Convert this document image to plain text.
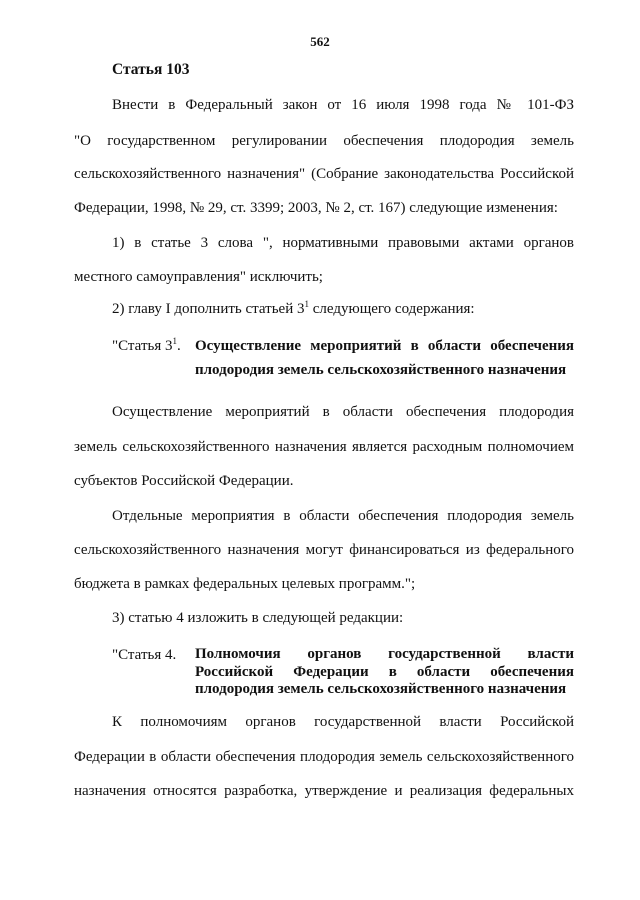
562
Статья 103
Внести в Федеральный закон от 16 июля 1998 года № 101-ФЗ
"О государственном регулировании обеспечения плодородия земель
сельскохозяйственного назначения" (Собрание законодательства Российской
Федерации, 1998, № 29, ст. 3399; 2003, № 2, ст. 167) следующие изменения:
1) в статье 3 слова ", нормативными правовыми актами органов
местного самоуправления" исключить;
2) главу I дополнить статьей $3^1$ следующего содержания:
"Статья $3^1$. Осуществление мероприятий в области обеспечения
плодородия земель сельскохозяйственного назначения
Осуществление мероприятий в области обеспечения плодородия
земель сельскохозяйственного назначения является расходным полномочием
субъектов Российской Федерации.
Отдельные мероприятия в области обеспечения плодородия земель
сельскохозяйственного назначения могут финансироваться из федерального
бюджета в рамках федеральных целевых программ.";
3) статью 4 изложить в следующей редакции:
"Статья 4. Полномочия органов государственной власти
Российской Федерации в области обеспечения
плодородия земель сельскохозяйственного назначения
К полномочиям органов государственной власти Российской
Федерации в области обеспечения плодородия земель сельскохозяйственного
назначения относятся разработка, утверждение и реализация федеральных
